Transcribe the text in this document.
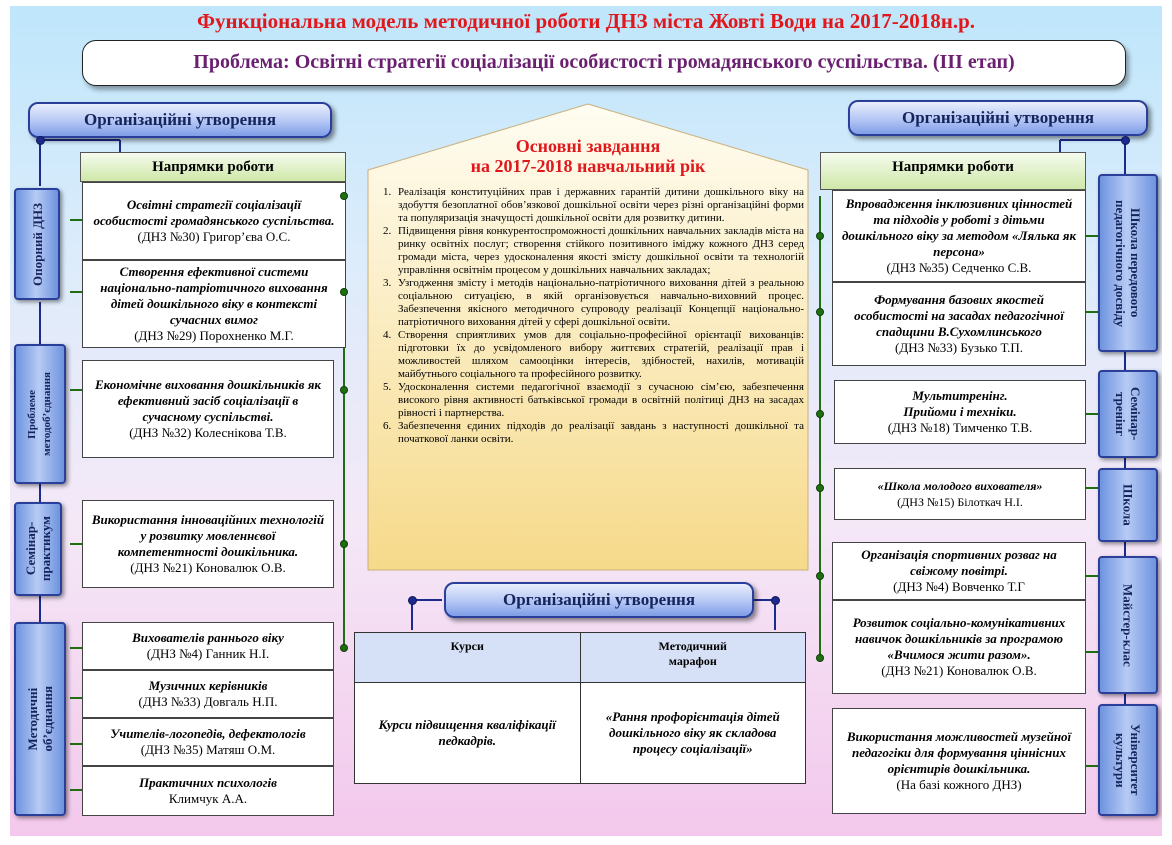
Функціональна модель методичної роботи ДНЗ міста Жовті Води на 2017-2018н.р.
Проблема: Освітні стратегії соціалізації особистості громадянського суспільства. (ІІІ етап)
Організаційні утворення	Організаційні утворення
Напрямки роботи	Напрямки роботи
Опорний ДНЗ
Проблеме
методоб’єднання
Семінар-
практикум
Методичні
об’єднання
Освітні стратегії соціалізації особистості громадянського суспільства.
(ДНЗ №30) Григор’єва О.С.
Створення ефективної системи національно-патріотичного виховання дітей дошкільного віку в контексті сучасних вимог
(ДНЗ №29) Порохненко М.Г.
Економічне виховання дошкільників як ефективний засіб соціалізації в сучасному суспільстві.
(ДНЗ №32) Колеснікова Т.В.
Використання інноваційних технологій у розвитку мовленнєвої компетентності дошкільника.
(ДНЗ №21) Коновалюк О.В.
Вихователів раннього віку
(ДНЗ №4) Ганник Н.І.
Музичних керівників
(ДНЗ №33) Довгаль Н.П.
Учителів-логопедів, дефектологів
(ДНЗ №35) Матяш О.М.
Практичних психологів
Климчук А.А.
Школа передового
педагогічного досвіду
Семінар-
тренінг
Школа
Майстер-клас
Університет
культури
Впровадження інклюзивних цінностей та підходів у роботі з дітьми дошкільного віку за методом «Лялька як персона»
(ДНЗ №35) Седченко С.В.
Формування базових якостей особистості на засадах педагогічної спадщини В.Сухомлинського
(ДНЗ №33) Бузько Т.П.
Мультитренінг.
Прийоми і техніки.
(ДНЗ №18) Тимченко Т.В.
«Школа молодого вихователя»
(ДНЗ №15) Білоткач Н.І.
Організація спортивних розваг на свіжому повітрі.
(ДНЗ №4) Вовченко Т.Г
Розвиток соціально-комунікативних навичок дошкільників за програмою «Вчимося жити разом».
(ДНЗ №21) Коновалюк О.В.
Використання можливостей музейної педагогіки для формування ціннісних орієнтирів дошкільника.
(На базі кожного ДНЗ)
Основні завдання
на 2017-2018 навчальний рік
1. Реалізація конституційних прав і державних гарантій дитини дошкільного віку на здобуття безоплатної обов’язкової дошкільної освіти через різні організаційні форми та популяризація значущості дошкільної освіти для розвитку дитини.
2. Підвищення рівня конкурентоспроможності дошкільних навчальних закладів міста на ринку освітніх послуг; створення стійкого позитивного іміджу кожного ДНЗ серед громади міста, через удосконалення якості змісту дошкільної освіти та технологій управління освітнім процесом у дошкільних навчальних закладах;
3. Узгодження змісту і методів національно-патріотичного виховання дітей з реальною соціальною ситуацією, в якій організовується навчально-виховний процес. Забезпечення якісного методичного супроводу реалізації Концепції національно-патріотичного виховання дітей у сфері дошкільної освіти.
4. Створення сприятливих умов для соціально-професійної орієнтації вихованців: підготовки їх до усвідомленого вибору життєвих стратегій, реалізації прав і можливостей шляхом самооцінки інтересів, здібностей, нахилів, мотивацій майбутнього соціального та професійного розвитку.
5. Удосконалення системи педагогічної взаємодії з сучасною сім’єю, забезпечення високого рівня активності батьківської громади в освітній політиці ДНЗ на засадах рівності і партнерства.
6. Забезпечення єдиних підходів до реалізації завдань з наступності дошкільної та початкової ланки освіти.
Організаційні утворення
Курси	Методичний
марафон
Курси підвищення кваліфікації педкадрів.	«Рання профорієнтація дітей дошкільного віку як складова процесу соціалізації»
